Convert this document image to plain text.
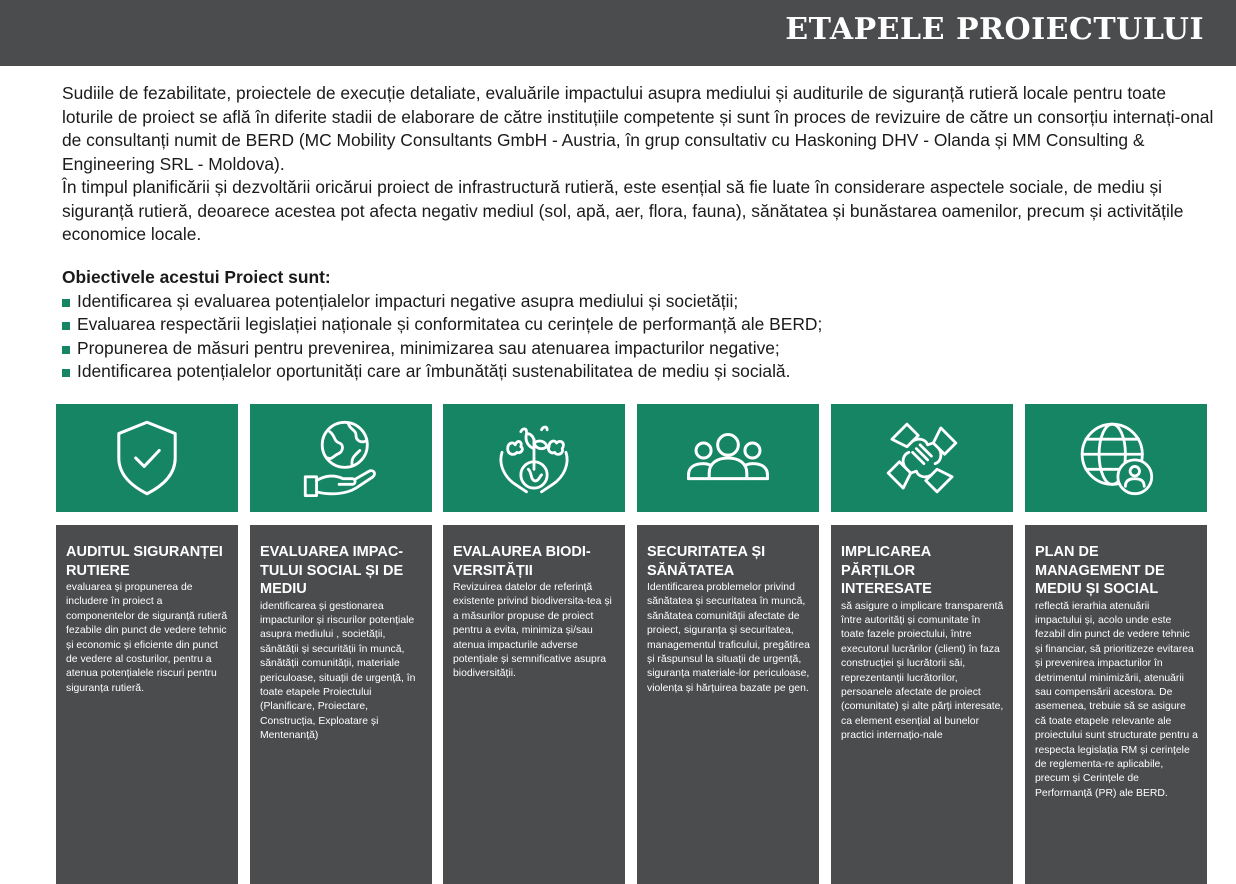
ETAPELE PROIECTULUI

Sudiile de fezabilitate, proiectele de execuție detaliate, evaluările impactului asupra mediului și auditurile de siguranță rutieră locale pentru toate loturile de proiect se află în diferite stadii de elaborare de către instituțiile competente și sunt în proces de revizuire de către un consorțiu internați-onal de consultanți numit de BERD (MC Mobility Consultants GmbH - Austria, în grup consultativ cu Haskoning DHV - Olanda și MM Consulting & Engineering SRL - Moldova).

În timpul planificării și dezvoltării oricărui proiect de infrastructură rutieră, este esențial să fie luate în considerare aspectele sociale, de mediu și siguranță rutieră, deoarece acestea pot afecta negativ mediul (sol, apă, aer, flora, fauna), sănătatea și bunăstarea oamenilor, precum și activitățile economice locale.

Obiectivele acestui Proiect sunt:

Identificarea și evaluarea potențialelor impacturi negative asupra mediului și societății;
Evaluarea respectării legislației naționale și conformitatea cu cerințele de performanță ale BERD;
Propunerea de măsuri pentru prevenirea, minimizarea sau atenuarea impacturilor negative;
Identificarea potențialelor oportunități care ar îmbunătăți sustenabilitatea de mediu și socială.

AUDITUL SIGURANȚEI RUTIERE

evaluarea și propunerea de includere în proiect a componentelor de siguranță rutieră fezabile din punct de vedere tehnic și economic și eficiente din punct de vedere al costurilor, pentru a atenua potențialele riscuri pentru siguranța rutieră.

EVALUAREA IMPAC-TULUI SOCIAL ȘI DE MEDIU

identificarea și gestionarea impacturilor și riscurilor potențiale asupra mediului , societății, sănătății și securității în muncă, sănătății comunității, materiale periculoase, situații de urgență, în toate etapele Proiectului (Planificare, Proiectare, Construcția, Exploatare și Mentenanță)

EVALAUREA BIODI-VERSITĂȚII

Revizuirea datelor de referință existente privind biodiversita-tea și a măsurilor propuse de proiect pentru a evita, minimiza și/sau atenua impacturile adverse potențiale și semnificative asupra biodiversității.

SECURITATEA ȘI SĂNĂTATEA

Identificarea problemelor privind sănătatea și securitatea în muncă, sănătatea comunității afectate de proiect, siguranța și securitatea, managementul traficului, pregătirea și răspunsul la situații de urgență, siguranța materiale-lor periculoase, violența și hărțuirea bazate pe gen.

IMPLICAREA PĂRȚILOR INTERESATE

să asigure o implicare transparentă între autorități și comunitate în toate fazele proiectului, între executorul lucrărilor (client) în faza construcției și lucrătorii săi, reprezentanții lucrătorilor, persoanele afectate de proiect (comunitate) și alte părți interesate, ca element esențial al bunelor practici internațio-nale

PLAN DE MANAGEMENT DE MEDIU ȘI SOCIAL

reflectă ierarhia atenuării impactului și, acolo unde este fezabil din punct de vedere tehnic și financiar, să prioritizeze evitarea și prevenirea impacturilor în detrimentul minimizării, atenuării sau compensării acestora. De asemenea, trebuie să se asigure că toate etapele relevante ale proiectului sunt structurate pentru a respecta legislația RM și cerințele de reglementa-re aplicabile, precum și Cerințele de Performanță (PR) ale BERD.
